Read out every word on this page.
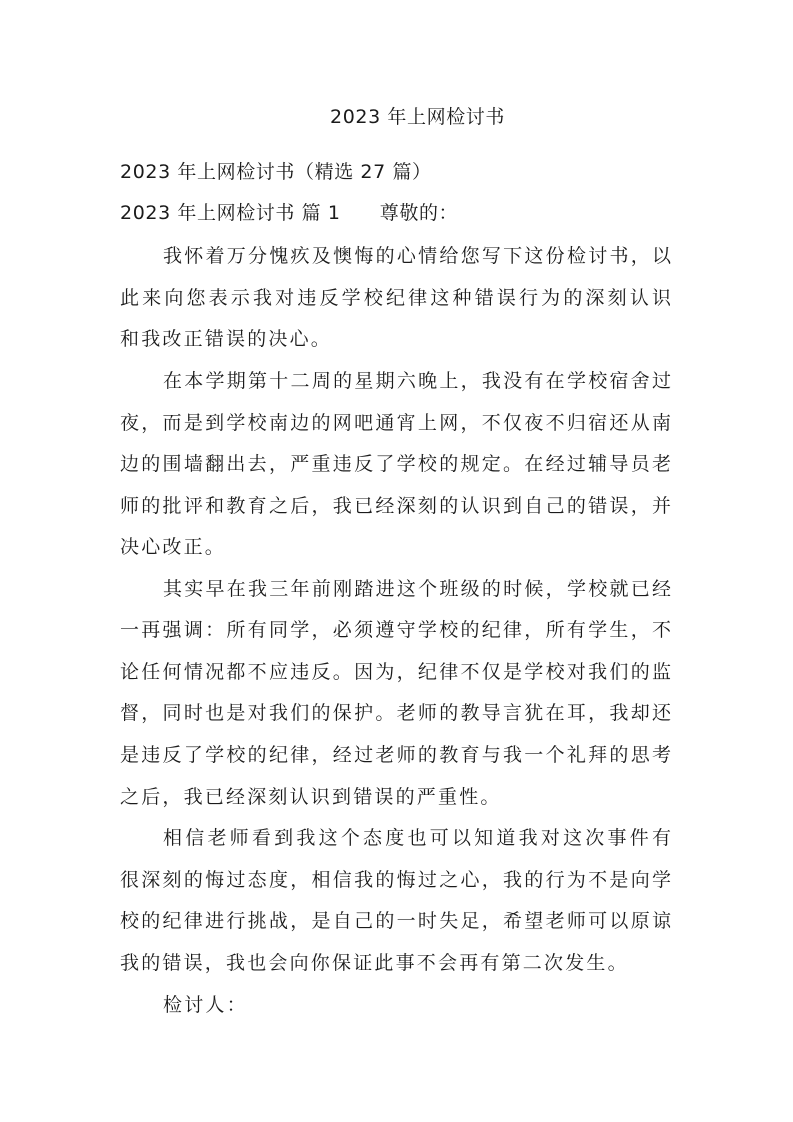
2023 年上网检讨书
2023 年上网检讨书（精选 27 篇）
2023 年上网检讨书 篇 1　　尊敬的：
我怀着万分愧疚及懊悔的心情给您写下这份检讨书，以
此来向您表示我对违反学校纪律这种错误行为的深刻认识
和我改正错误的决心。
在本学期第十二周的星期六晚上，我没有在学校宿舍过
夜，而是到学校南边的网吧通宵上网，不仅夜不归宿还从南
边的围墙翻出去，严重违反了学校的规定。在经过辅导员老
师的批评和教育之后，我已经深刻的认识到自己的错误，并
决心改正。
其实早在我三年前刚踏进这个班级的时候，学校就已经
一再强调：所有同学，必须遵守学校的纪律，所有学生，不
论任何情况都不应违反。因为，纪律不仅是学校对我们的监
督，同时也是对我们的保护。老师的教导言犹在耳，我却还
是违反了学校的纪律，经过老师的教育与我一个礼拜的思考
之后，我已经深刻认识到错误的严重性。
相信老师看到我这个态度也可以知道我对这次事件有
很深刻的悔过态度，相信我的悔过之心，我的行为不是向学
校的纪律进行挑战，是自己的一时失足，希望老师可以原谅
我的错误，我也会向你保证此事不会再有第二次发生。
检讨人：
